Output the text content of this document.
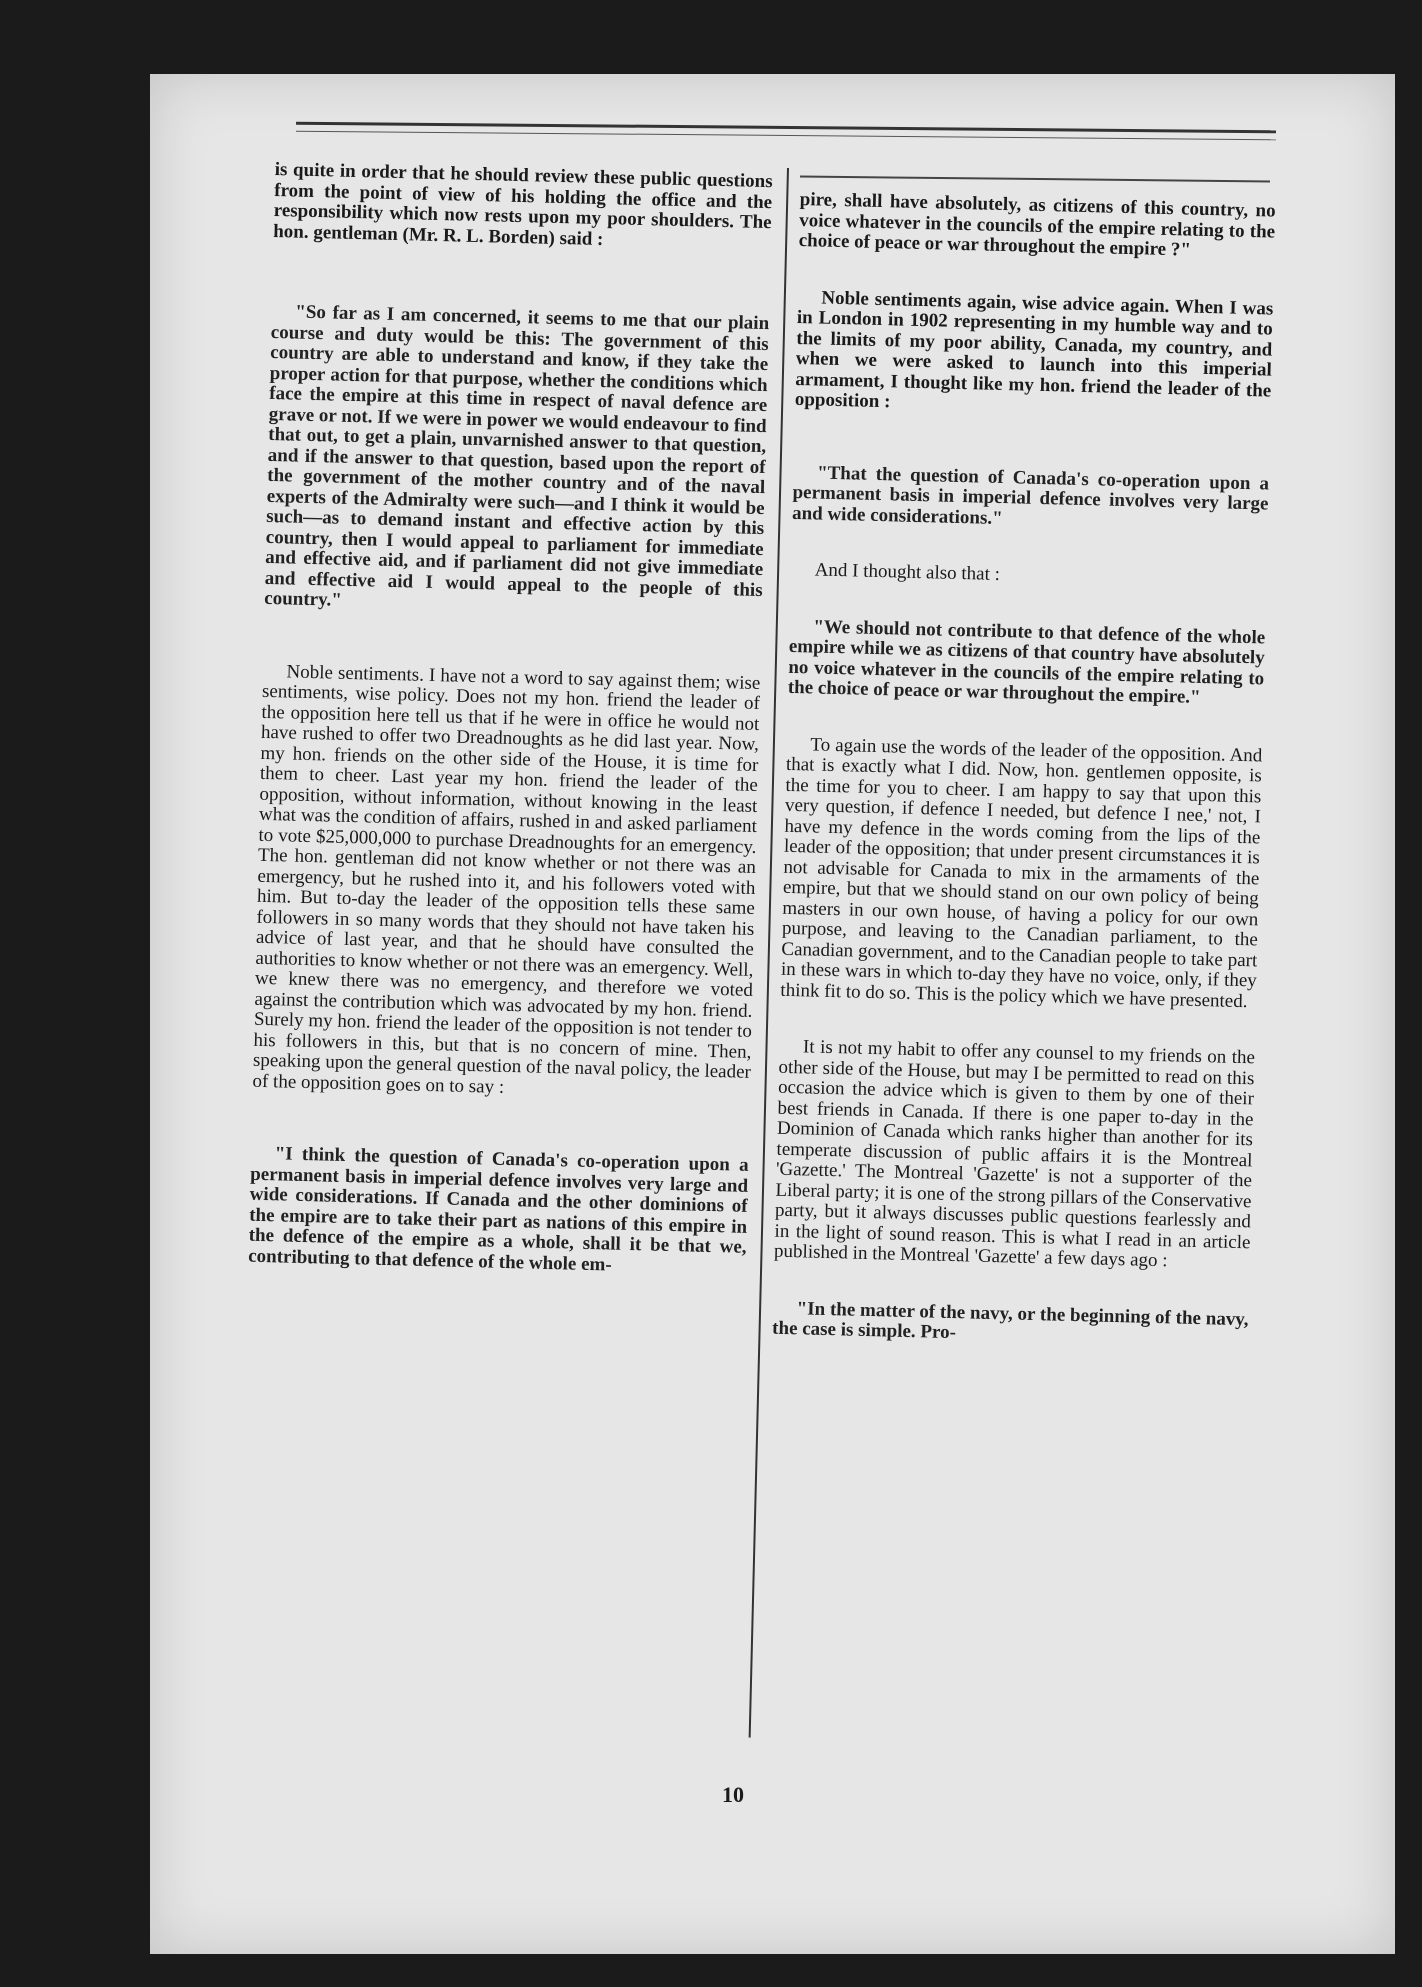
is quite in order that he should review these public questions from the point of view of his holding the office and the responsibility which now rests upon my poor shoulders. The hon. gentleman (Mr. R. L. Borden) said :

"So far as I am concerned, it seems to me that our plain course and duty would be this: The government of this country are able to understand and know, if they take the proper action for that purpose, whether the conditions which face the empire at this time in respect of naval defence are grave or not. If we were in power we would endeavour to find that out, to get a plain, unvarnished answer to that question, and if the answer to that question, based upon the report of the government of the mother country and of the naval experts of the Admiralty were such—and I think it would be such—as to demand instant and effective action by this country, then I would appeal to parliament for immediate and effective aid, and if parliament did not give immediate and effective aid I would appeal to the people of this country."

Noble sentiments. I have not a word to say against them; wise sentiments, wise policy. Does not my hon. friend the leader of the opposition here tell us that if he were in office he would not have rushed to offer two Dreadnoughts as he did last year. Now, my hon. friends on the other side of the House, it is time for them to cheer. Last year my hon. friend the leader of the opposition, without information, without knowing in the least what was the condition of affairs, rushed in and asked parliament to vote $25,000,000 to purchase Dreadnoughts for an emergency. The hon. gentleman did not know whether or not there was an emergency, but he rushed into it, and his followers voted with him. But to-day the leader of the opposition tells these same followers in so many words that they should not have taken his advice of last year, and that he should have consulted the authorities to know whether or not there was an emergency. Well, we knew there was no emergency, and therefore we voted against the contribution which was advocated by my hon. friend. Surely my hon. friend the leader of the opposition is not tender to his followers in this, but that is no concern of mine. Then, speaking upon the general question of the naval policy, the leader of the opposition goes on to say :

"I think the question of Canada's co-operation upon a permanent basis in imperial defence involves very large and wide considerations. If Canada and the other dominions of the empire are to take their part as nations of this empire in the defence of the empire as a whole, shall it be that we, contributing to that defence of the whole em-

pire, shall have absolutely, as citizens of this country, no voice whatever in the councils of the empire relating to the choice of peace or war throughout the empire ?"

Noble sentiments again, wise advice again. When I was in London in 1902 representing in my humble way and to the limits of my poor ability, Canada, my country, and when we were asked to launch into this imperial armament, I thought like my hon. friend the leader of the opposition :

"That the question of Canada's co-operation upon a permanent basis in imperial defence involves very large and wide considerations."

And I thought also that :

"We should not contribute to that defence of the whole empire while we as citizens of that country have absolutely no voice whatever in the councils of the empire relating to the choice of peace or war throughout the empire."

To again use the words of the leader of the opposition. And that is exactly what I did. Now, hon. gentlemen opposite, is the time for you to cheer. I am happy to say that upon this very question, if defence I needed, but defence I nee,' not, I have my defence in the words coming from the lips of the leader of the opposition; that under present circumstances it is not advisable for Canada to mix in the armaments of the empire, but that we should stand on our own policy of being masters in our own house, of having a policy for our own purpose, and leaving to the Canadian parliament, to the Canadian government, and to the Canadian people to take part in these wars in which to-day they have no voice, only, if they think fit to do so. This is the policy which we have presented.

It is not my habit to offer any counsel to my friends on the other side of the House, but may I be permitted to read on this occasion the advice which is given to them by one of their best friends in Canada. If there is one paper to-day in the Dominion of Canada which ranks higher than another for its temperate discussion of public affairs it is the Montreal 'Gazette.' The Montreal 'Gazette' is not a supporter of the Liberal party; it is one of the strong pillars of the Conservative party, but it always discusses public questions fearlessly and in the light of sound reason. This is what I read in an article published in the Montreal 'Gazette' a few days ago :

"In the matter of the navy, or the beginning of the navy, the case is simple. Pro-

10
